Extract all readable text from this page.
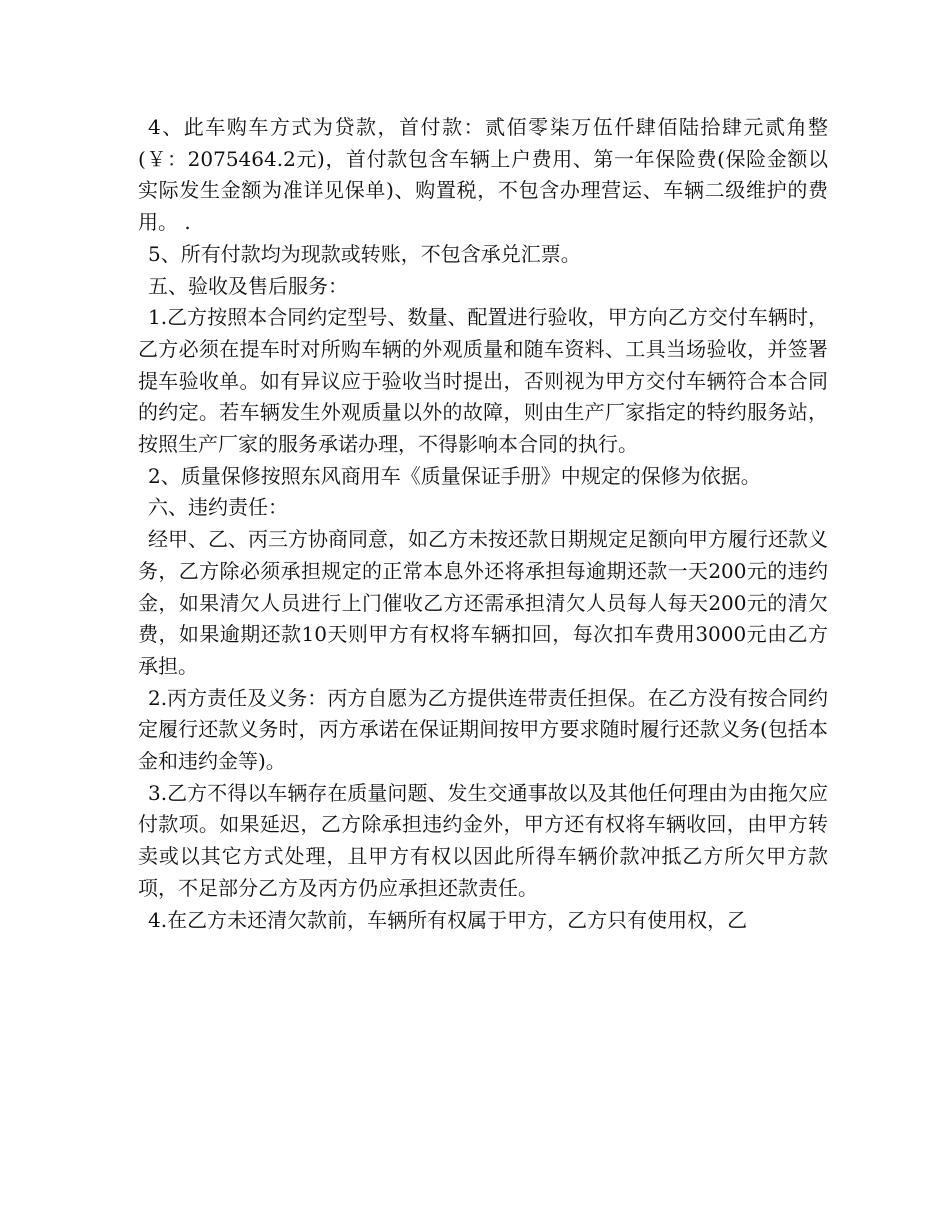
4、此车购车方式为贷款，首付款：贰佰零柒万伍仟肆佰陆拾肆元贰角整(￥：2075464.2元)，首付款包含车辆上户费用、第一年保险费(保险金额以实际发生金额为准详见保单)、购置税，不包含办理营运、车辆二级维护的费用。 .

5、所有付款均为现款或转账，不包含承兑汇票。

五、验收及售后服务：

1.乙方按照本合同约定型号、数量、配置进行验收，甲方向乙方交付车辆时，乙方必须在提车时对所购车辆的外观质量和随车资料、工具当场验收，并签署提车验收单。如有异议应于验收当时提出，否则视为甲方交付车辆符合本合同的约定。若车辆发生外观质量以外的故障，则由生产厂家指定的特约服务站，按照生产厂家的服务承诺办理，不得影响本合同的执行。

2、质量保修按照东风商用车《质量保证手册》中规定的保修为依据。

六、违约责任：

经甲、乙、丙三方协商同意，如乙方未按还款日期规定足额向甲方履行还款义务，乙方除必须承担规定的正常本息外还将承担每逾期还款一天200元的违约金，如果清欠人员进行上门催收乙方还需承担清欠人员每人每天200元的清欠费，如果逾期还款10天则甲方有权将车辆扣回，每次扣车费用3000元由乙方承担。

2.丙方责任及义务：丙方自愿为乙方提供连带责任担保。在乙方没有按合同约定履行还款义务时，丙方承诺在保证期间按甲方要求随时履行还款义务(包括本金和违约金等)。

3.乙方不得以车辆存在质量问题、发生交通事故以及其他任何理由为由拖欠应付款项。如果延迟，乙方除承担违约金外，甲方还有权将车辆收回，由甲方转卖或以其它方式处理，且甲方有权以因此所得车辆价款冲抵乙方所欠甲方款项，不足部分乙方及丙方仍应承担还款责任。

4.在乙方未还清欠款前，车辆所有权属于甲方，乙方只有使用权，乙
